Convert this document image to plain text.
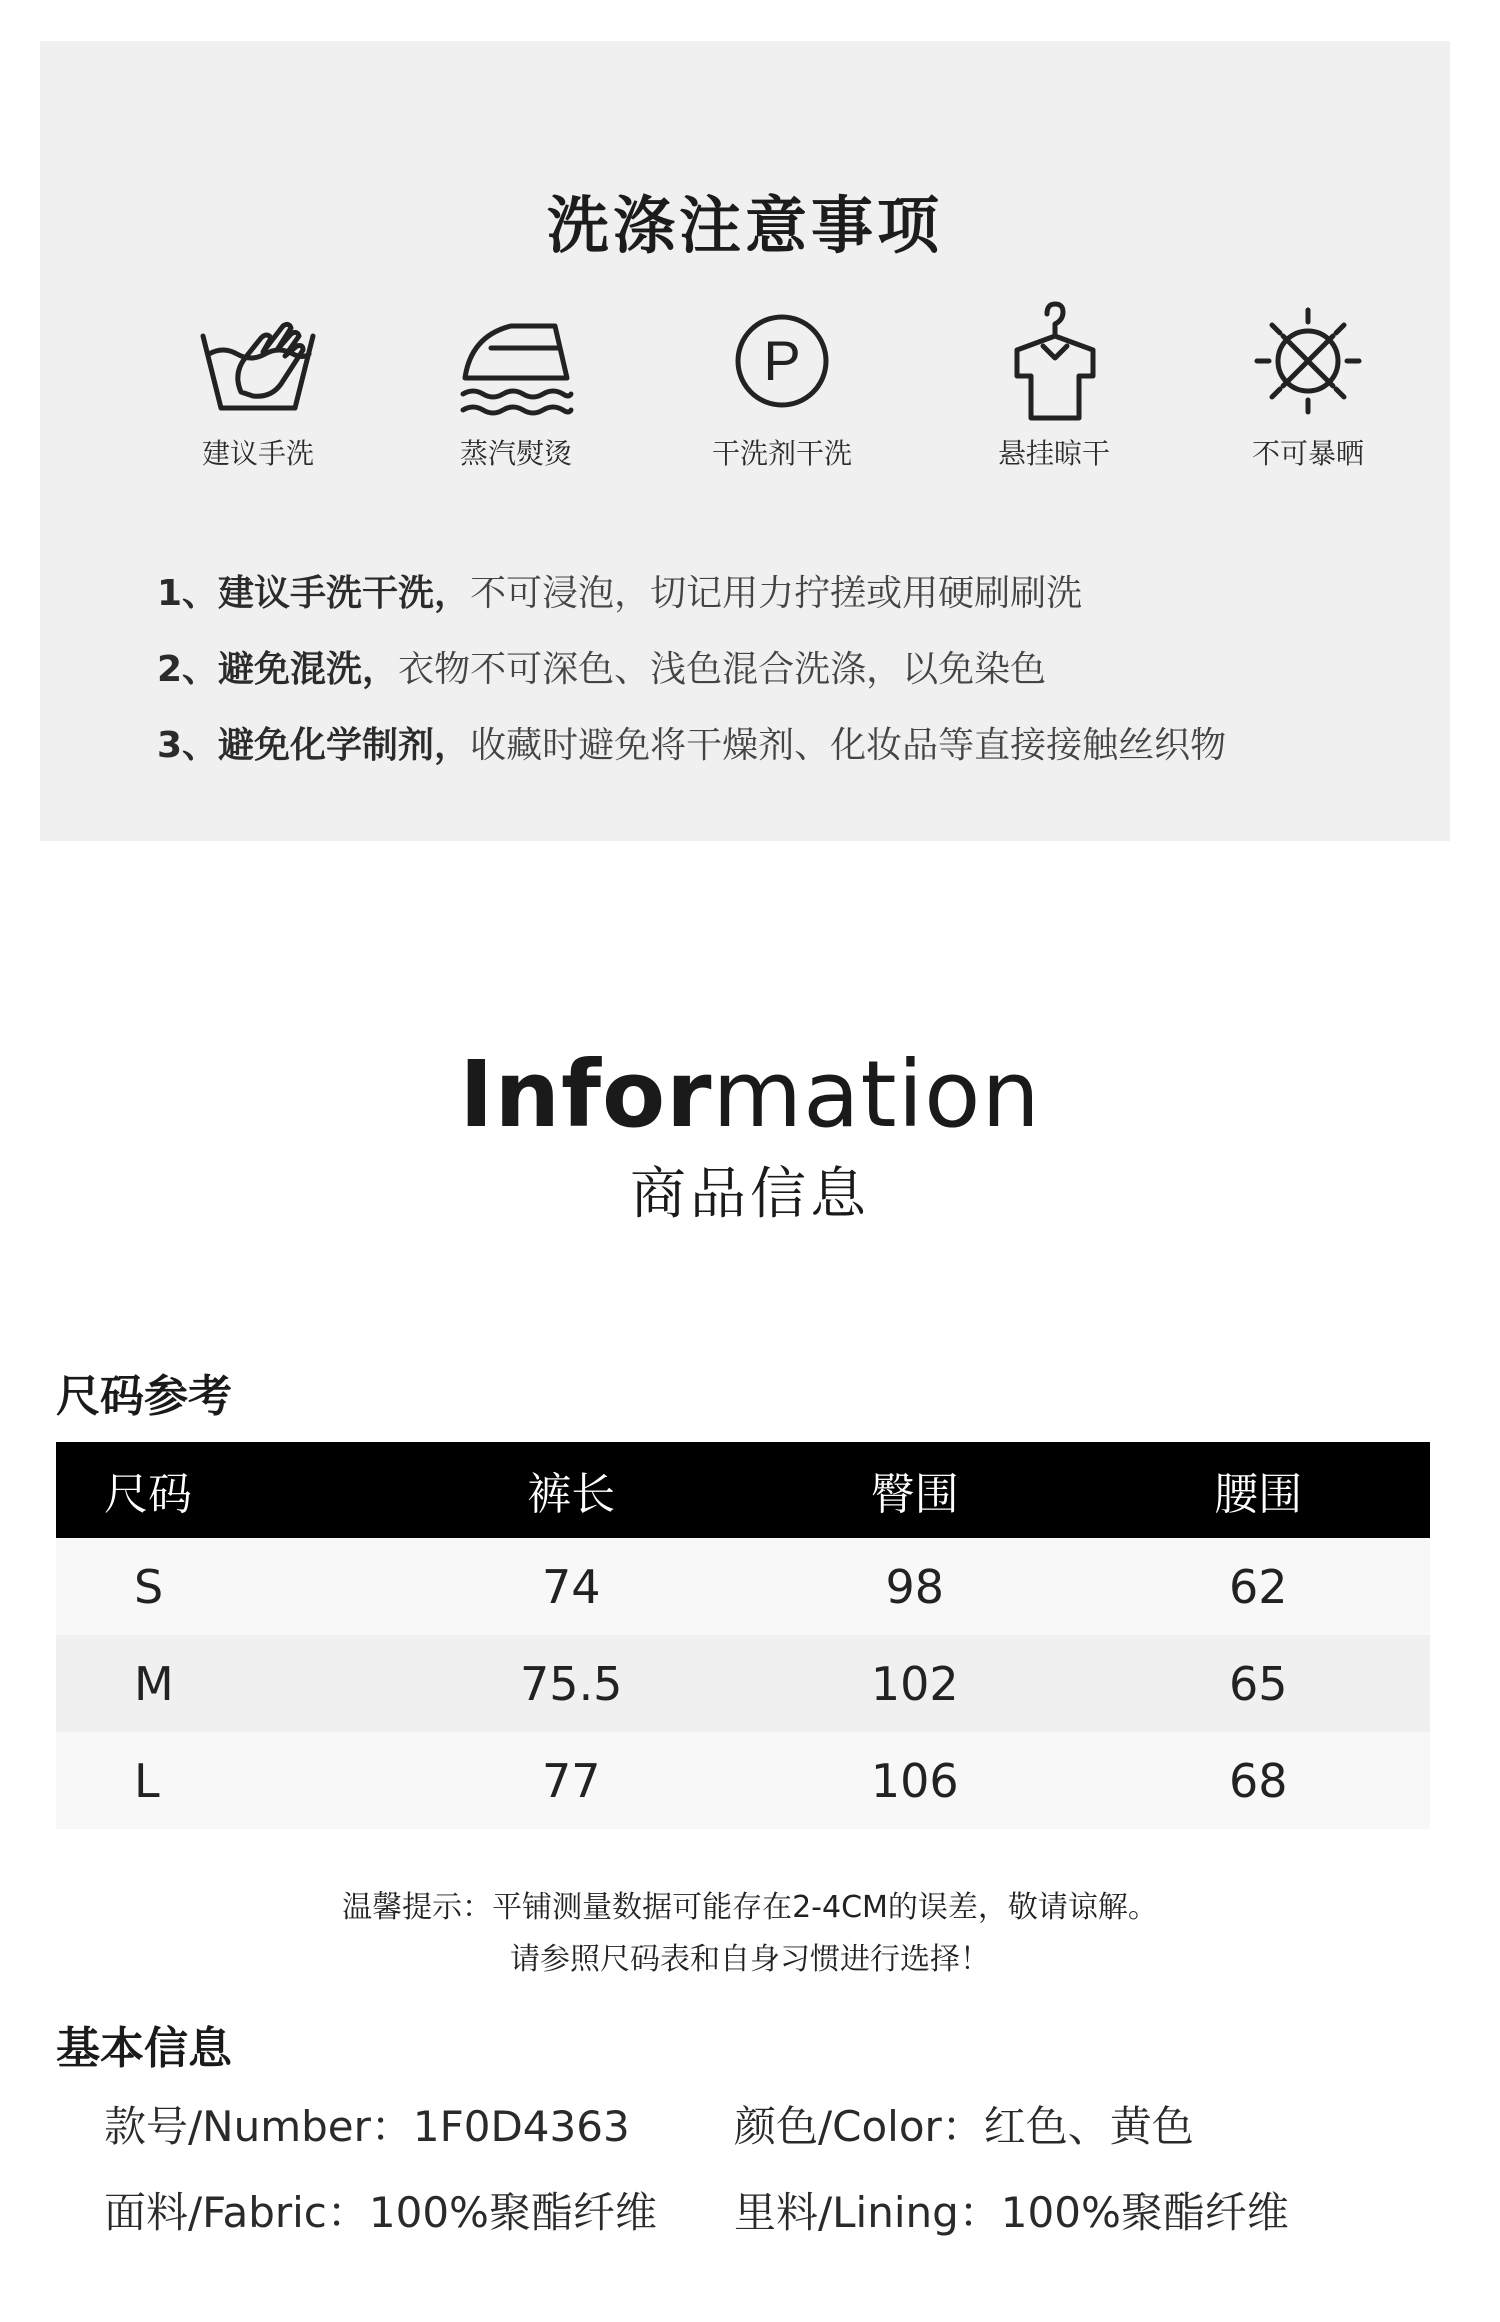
洗涤注意事项
建议手洗	蒸汽熨烫
P
干洗剂干洗	悬挂晾干	不可暴晒
1、建议手洗干洗，不可浸泡，切记用力拧搓或用硬刷刷洗
2、避免混洗，衣物不可深色、浅色混合洗涤，以免染色
3、避免化学制剂，收藏时避免将干燥剂、化妆品等直接接触丝织物
Information
商品信息
尺码参考
尺码	裤长	臀围	腰围
S	74	98	62
M	75.5	102	65
L	77	106	68
温馨提示：平铺测量数据可能存在2-4CM的误差，敬请谅解。
请参照尺码表和自身习惯进行选择！
基本信息
款号/Number：1F0D4363 颜色/Color：红色、黄色
面料/Fabric：100%聚酯纤维 里料/Lining：100%聚酯纤维
